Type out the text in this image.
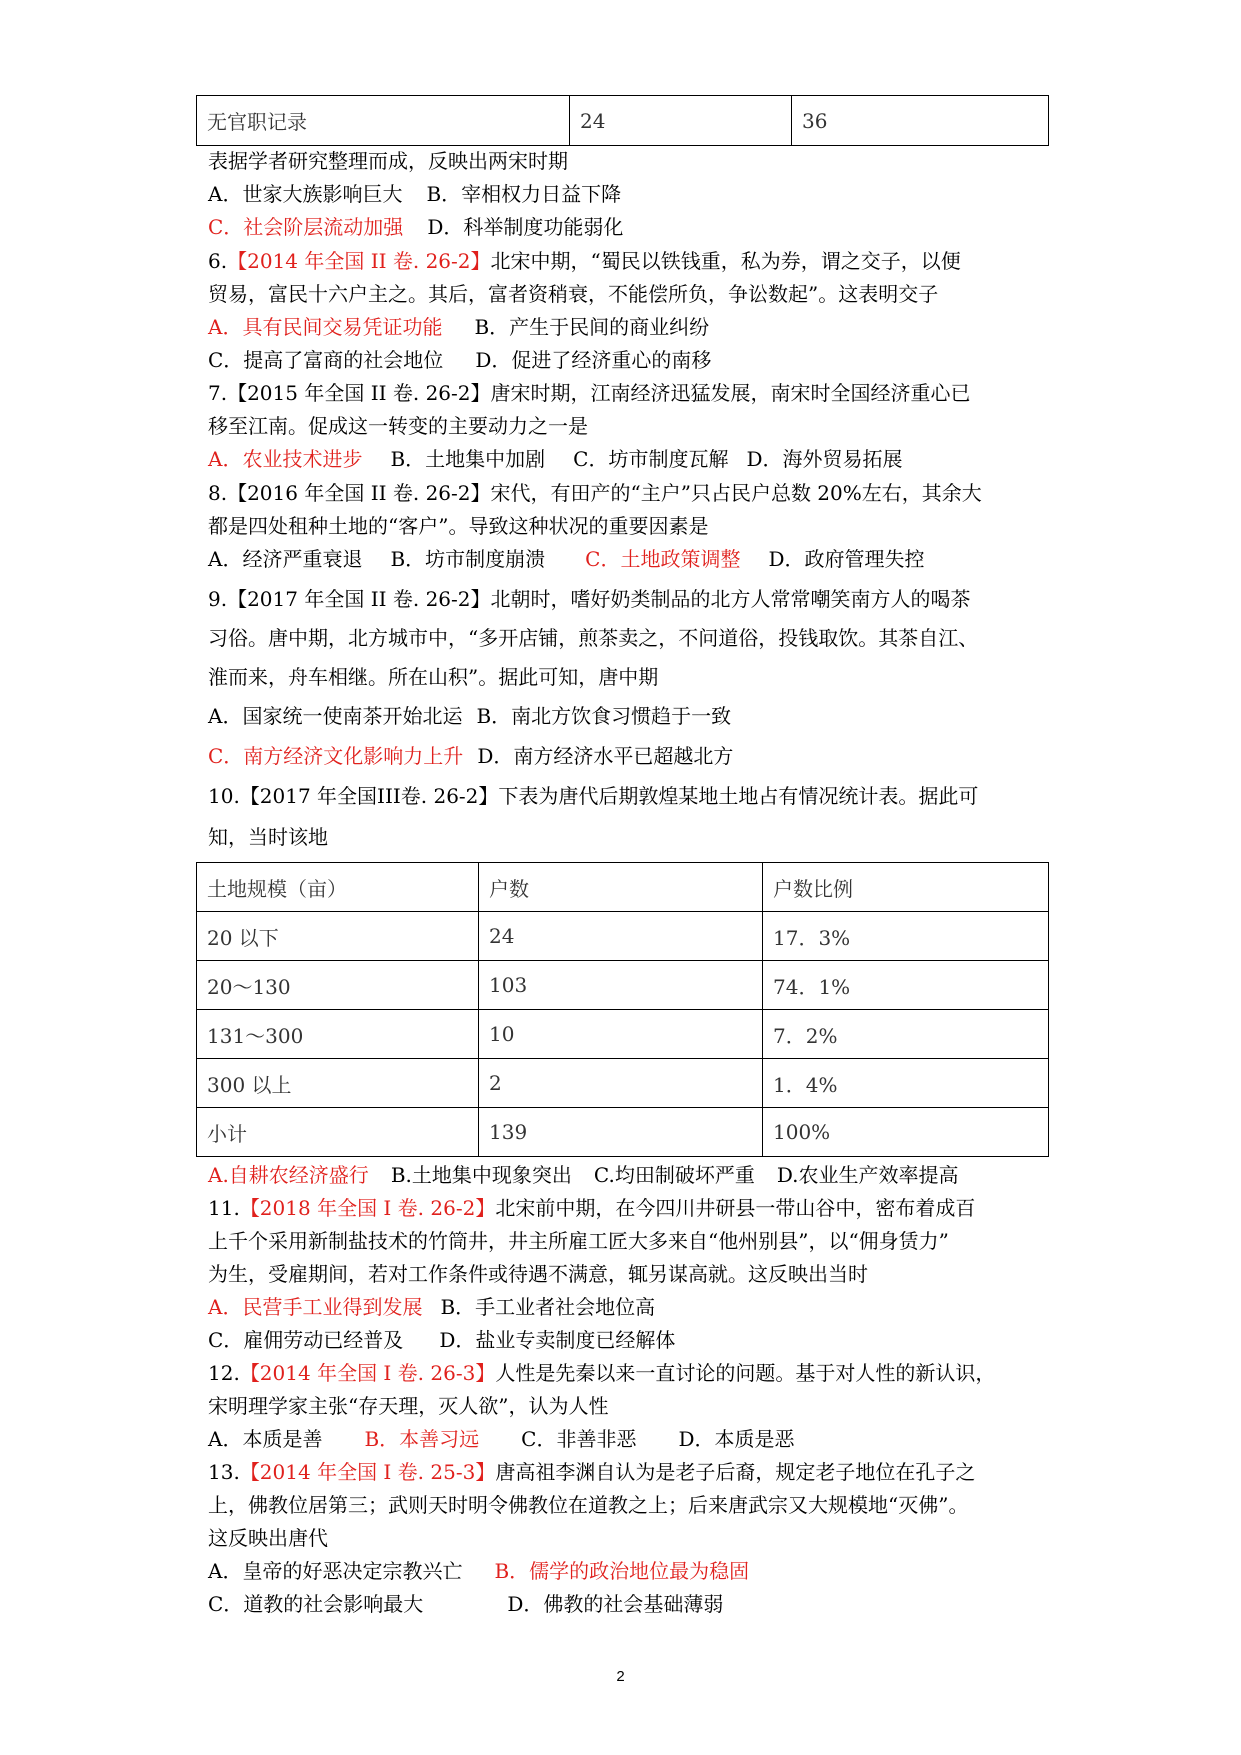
无官职记录	24	36
表据学者研究整理而成，反映出两宋时期
A．世家大族影响巨大 B．宰相权力日益下降
C．社会阶层流动加强 D．科举制度功能弱化
6.【2014 年全国 II 卷. 26-2】北宋中期，“蜀民以铁钱重，私为券，谓之交子，以便
贸易，富民十六户主之。其后，富者资稍衰，不能偿所负，争讼数起”。这表明交子
A．具有民间交易凭证功能 B．产生于民间的商业纠纷
C．提高了富商的社会地位 D．促进了经济重心的南移
7.【2015 年全国 II 卷. 26-2】唐宋时期，江南经济迅猛发展，南宋时全国经济重心已
移至江南。促成这一转变的主要动力之一是
A．农业技术进步 B．土地集中加剧 C．坊市制度瓦解 D．海外贸易拓展
8.【2016 年全国 II 卷. 26-2】宋代，有田产的“主户”只占民户总数 20%左右，其余大
都是四处租种土地的“客户”。导致这种状况的重要因素是
A．经济严重衰退 B．坊市制度崩溃 C．土地政策调整 D．政府管理失控
9.【2017 年全国 II 卷. 26-2】北朝时，嗜好奶类制品的北方人常常嘲笑南方人的喝茶
习俗。唐中期，北方城市中，“多开店铺，煎茶卖之，不问道俗，投钱取饮。其茶自江、
淮而来，舟车相继。所在山积”。据此可知，唐中期
A．国家统一使南茶开始北运 B．南北方饮食习惯趋于一致
C．南方经济文化影响力上升 D．南方经济水平已超越北方
10.【2017 年全国III卷. 26-2】下表为唐代后期敦煌某地土地占有情况统计表。据此可
知，当时该地
土地规模（亩）	户数	户数比例
20 以下	24	17．3%
20～130	103	74．1%
131～300	10	7．2%
300 以上	2	1．4%
小计	139	100%
A.自耕农经济盛行 B.土地集中现象突出 C.均田制破坏严重 D.农业生产效率提高
11.【2018 年全国 I 卷. 26-2】北宋前中期，在今四川井研县一带山谷中，密布着成百
上千个采用新制盐技术的竹筒井，井主所雇工匠大多来自“他州别县”，以“佣身赁力”
为生，受雇期间，若对工作条件或待遇不满意，辄另谋高就。这反映出当时
A．民营手工业得到发展 B．手工业者社会地位高
C．雇佣劳动已经普及 D．盐业专卖制度已经解体
12.【2014 年全国 I 卷. 26-3】人性是先秦以来一直讨论的问题。基于对人性的新认识，
宋明理学家主张“存天理，灭人欲”，认为人性
A．本质是善 B．本善习远 C．非善非恶 D．本质是恶
13.【2014 年全国 I 卷. 25-3】唐高祖李渊自认为是老子后裔，规定老子地位在孔子之
上，佛教位居第三；武则天时明令佛教位在道教之上；后来唐武宗又大规模地“灭佛”。
这反映出唐代
A．皇帝的好恶决定宗教兴亡 B．儒学的政治地位最为稳固
C．道教的社会影响最大	D．佛教的社会基础薄弱
2
